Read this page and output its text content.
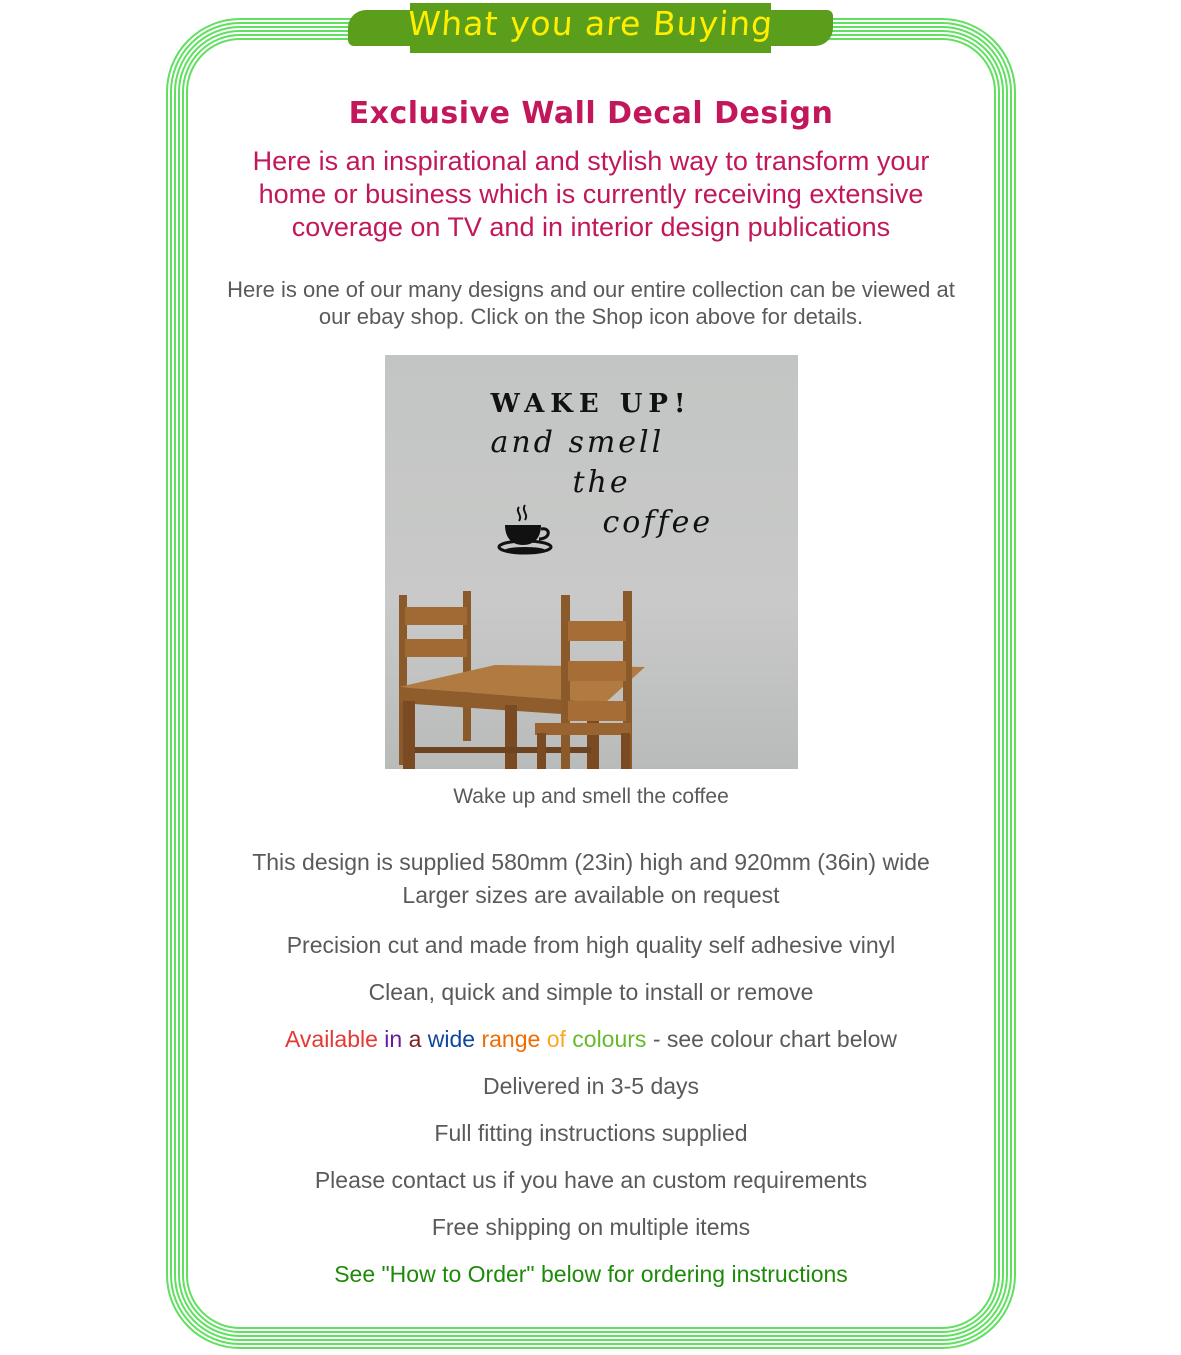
What you are Buying
Exclusive Wall Decal Design

Here is an inspirational and stylish way to transform your home or business which is currently receiving extensive coverage on TV and in interior design publications

Here is one of our many designs and our entire collection can be viewed at our ebay shop. Click on the Shop icon above for details.

WAKE UP!
and smell
the
coffee
Wake up and smell the coffee
This design is supplied 580mm (23in) high and 920mm (36in) wide
Larger sizes are available on request

Precision cut and made from high quality self adhesive vinyl

Clean, quick and simple to install or remove

Available in a wide range of colours - see colour chart below

Delivered in 3-5 days

Full fitting instructions supplied

Please contact us if you have an custom requirements

Free shipping on multiple items

See "How to Order" below for ordering instructions
